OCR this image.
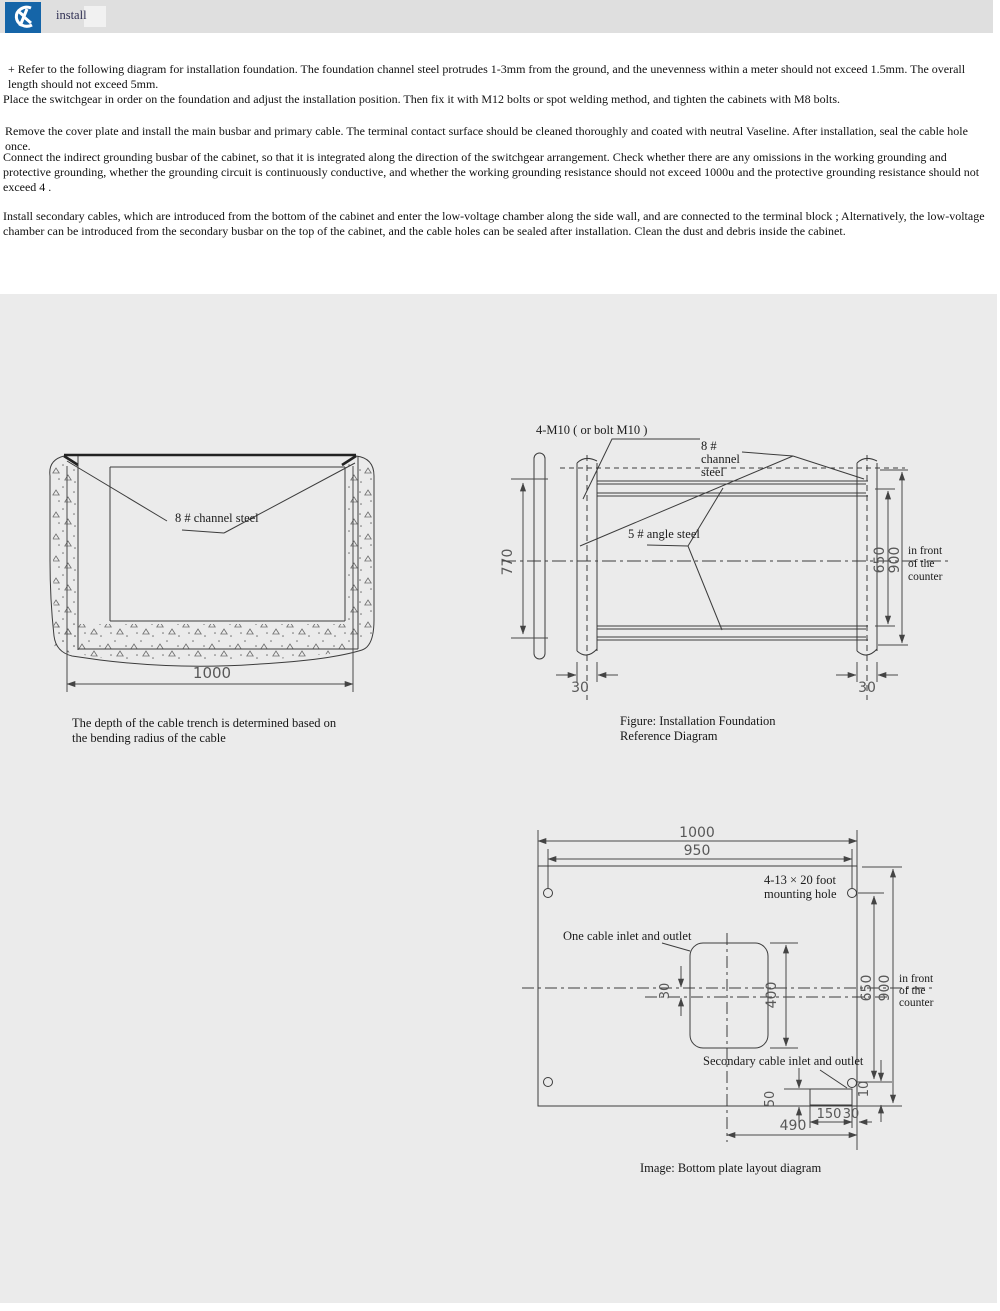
install
+ Refer to the following diagram for installation foundation. The foundation channel steel protrudes 1-3mm from the ground, and the unevenness within a meter should not exceed 1.5mm. The overall length should not exceed 5mm.
Place the switchgear in order on the foundation and adjust the installation position. Then fix it with M12 bolts or spot welding method, and tighten the cabinets with M8 bolts.
Remove the cover plate and install the main busbar and primary cable. The terminal contact surface should be cleaned thoroughly and coated with neutral Vaseline. After installation, seal the cable hole once.
Connect the indirect grounding busbar of the cabinet, so that it is integrated along the direction of the switchgear arrangement. Check whether there are any omissions in the working grounding and protective grounding, whether the grounding circuit is continuously conductive, and whether the working grounding resistance should not exceed 1000u and the protective grounding resistance should not exceed 4 .
Install secondary cables, which are introduced from the bottom of the cabinet and enter the low-voltage chamber along the side wall, and are connected to the terminal block ; Alternatively, the low-voltage chamber can be introduced from the secondary busbar on the top of the cabinet, and the cable holes can be sealed after installation. Clean the dust and debris inside the cabinet.
8 # channel steel
1000
770
4-M10 ( or bolt M10 )
8 #
channel
steel
5 # angle steel
650 900 in front
of the
counter
30	30
1000
950
4-13 × 20 foot
mounting hole
One cable inlet and outlet
30	400
Secondary cable inlet and outlet
50
10
650 900 in front
of the
counter
150 30
490
The depth of the cable trench is determined based on
the bending radius of the cable
Figure: Installation Foundation
Reference Diagram
Image: Bottom plate layout diagram
